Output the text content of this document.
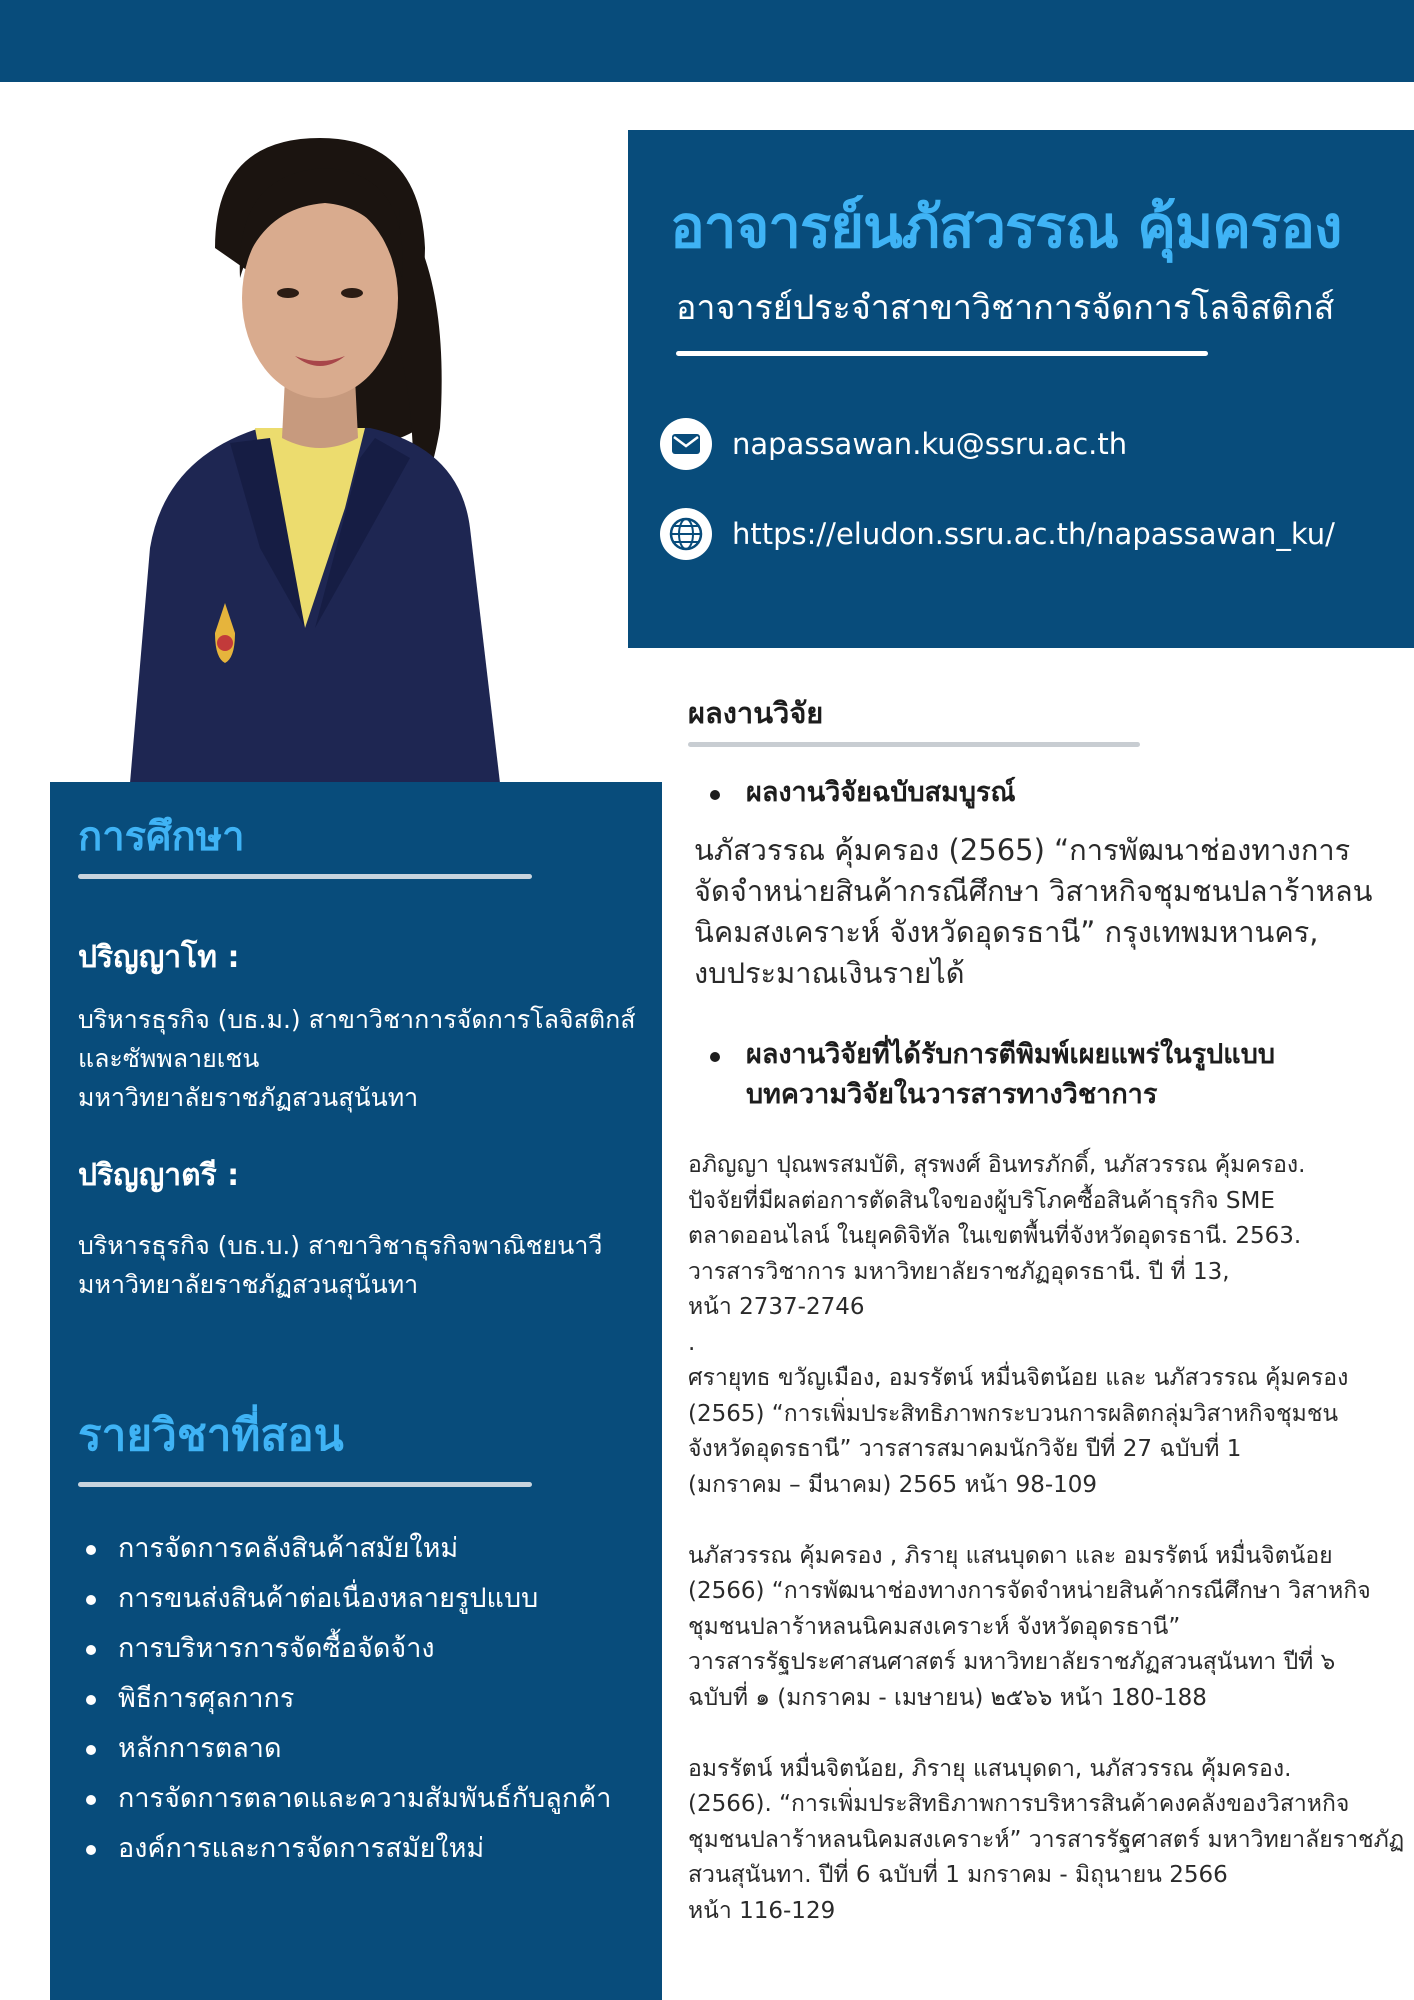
อาจารย์นภัสวรรณ คุ้มครอง
อาจารย์ประจำสาขาวิชาการจัดการโลจิสติกส์
napassawan.ku@ssru.ac.th
https://eludon.ssru.ac.th/napassawan_ku/
การศึกษา
ปริญญาโท :
บริหารธุรกิจ (บธ.ม.) สาขาวิชาการจัดการโลจิสติกส์
และซัพพลายเชน
มหาวิทยาลัยราชภัฏสวนสุนันทา
ปริญญาตรี :
บริหารธุรกิจ (บธ.บ.) สาขาวิชาธุรกิจพาณิชยนาวี
มหาวิทยาลัยราชภัฏสวนสุนันทา
รายวิชาที่สอน
การจัดการคลังสินค้าสมัยใหม่
การขนส่งสินค้าต่อเนื่องหลายรูปแบบ
การบริหารการจัดซื้อจัดจ้าง
พิธีการศุลกากร
หลักการตลาด
การจัดการตลาดและความสัมพันธ์กับลูกค้า
องค์การและการจัดการสมัยใหม่
ผลงานวิจัย
ผลงานวิจัยฉบับสมบูรณ์
นภัสวรรณ คุ้มครอง (2565) “การพัฒนาช่องทางการ
จัดจำหน่ายสินค้ากรณีศึกษา วิสาหกิจชุมชนปลาร้าหลน
นิคมสงเคราะห์ จังหวัดอุดรธานี” กรุงเทพมหานคร,
งบประมาณเงินรายได้
ผลงานวิจัยที่ได้รับการตีพิมพ์เผยแพร่ในรูปแบบ
บทความวิจัยในวารสารทางวิชาการ
อภิญญา ปุณพรสมบัติ, สุรพงศ์ อินทรภักดิ์, นภัสวรรณ คุ้มครอง.
ปัจจัยที่มีผลต่อการตัดสินใจของผู้บริโภคซื้อสินค้าธุรกิจ SME
ตลาดออนไลน์ ในยุคดิจิทัล ในเขตพื้นที่จังหวัดอุดรธานี. 2563.
วารสารวิชาการ มหาวิทยาลัยราชภัฏอุดรธานี. ปี ที่ 13,
หน้า 2737-2746
.
ศรายุทธ ขวัญเมือง, อมรรัตน์ หมื่นจิตน้อย และ นภัสวรรณ คุ้มครอง
(2565) “การเพิ่มประสิทธิภาพกระบวนการผลิตกลุ่มวิสาหกิจชุมชน
จังหวัดอุดรธานี” วารสารสมาคมนักวิจัย ปีที่ 27 ฉบับที่ 1
(มกราคม – มีนาคม) 2565 หน้า 98-109
นภัสวรรณ คุ้มครอง , ภิรายุ แสนบุดดา และ อมรรัตน์ หมื่นจิตน้อย
(2566) “การพัฒนาช่องทางการจัดจำหน่ายสินค้ากรณีศึกษา วิสาหกิจ
ชุมชนปลาร้าหลนนิคมสงเคราะห์ จังหวัดอุดรธานี”
วารสารรัฐประศาสนศาสตร์ มหาวิทยาลัยราชภัฏสวนสุนันทา ปีที่ ๖
ฉบับที่ ๑ (มกราคม - เมษายน) ๒๕๖๖ หน้า 180-188
อมรรัตน์ หมื่นจิตน้อย, ภิรายุ แสนบุดดา, นภัสวรรณ คุ้มครอง.
(2566). “การเพิ่มประสิทธิภาพการบริหารสินค้าคงคลังของวิสาหกิจ
ชุมชนปลาร้าหลนนิคมสงเคราะห์” วารสารรัฐศาสตร์ มหาวิทยาลัยราชภัฏ
สวนสุนันทา. ปีที่ 6 ฉบับที่ 1 มกราคม - มิถุนายน 2566
หน้า 116-129
